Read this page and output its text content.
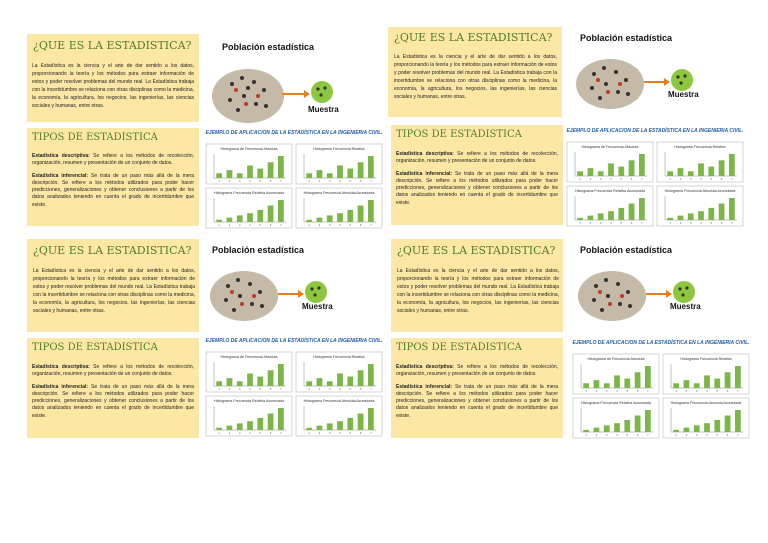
¿QUE ES LA ESTADISTICA?
La Estadística es la ciencia y el arte de dar sentido a los datos, proporcionando la teoría y los métodos para extraer información de estos y poder resolver problemas del mundo real. La Estadística trabaja con la incertidumbre se relaciona con otras disciplinas como la medicina, la economía, la agricultura, los negocios, las ingenierías, las ciencias sociales y humanas, entre otras.
Población estadística
Muestra
TIPOS DE ESTADISTICA
Estadística descriptiva: Se refiere a los métodos de recolección, organización, resumen y presentación de un conjunto de datos.
Estadística inferencial: Se trata de un paso más allá de la mera descripción. Se refiere a los métodos utilizados para poder hacer predicciones, generalizaciones y obtener conclusiones a partir de los datos analizados teniendo en cuenta el grado de incertidumbre que existe.
EJEMPLO DE APLICACION DE LA ESTADÍSTICA EN LA INGENIERIA CIVIL.
Histograma de Frecuencia Absoluta
1	2	3	4	5	6	7
Histograma Frecuencia Relativa
1	2	3	4	5	6	7
Histograma Frecuencia Relativa Acumulada
1	2	3	4	5	6	7
Histograma Frecuencia Absoluta Acumulada
1	2	3	4	5	6	7
¿QUE ES LA ESTADISTICA?
La Estadística es la ciencia y el arte de dar sentido a los datos, proporcionando la teoría y los métodos para extraer información de estos y poder resolver problemas del mundo real. La Estadística trabaja con la incertidumbre se relaciona con otras disciplinas como la medicina, la economía, la agricultura, los negocios, las ingenierías, las ciencias sociales y humanas, entre otras.
Población estadística
Muestra
TIPOS DE ESTADISTICA
Estadística descriptiva: Se refiere a los métodos de recolección, organización, resumen y presentación de un conjunto de datos.
Estadística inferencial: Se trata de un paso más allá de la mera descripción. Se refiere a los métodos utilizados para poder hacer predicciones, generalizaciones y obtener conclusiones a partir de los datos analizados teniendo en cuenta el grado de incertidumbre que existe.
EJEMPLO DE APLICACION DE LA ESTADÍSTICA EN LA INGENIERIA CIVIL.
Histograma de Frecuencia Absoluta
1	2	3	4	5	6	7
Histograma Frecuencia Relativa
1	2	3	4	5	6	7
Histograma Frecuencia Relativa Acumulada
1	2	3	4	5	6	7
Histograma Frecuencia Absoluta Acumulada
1	2	3	4	5	6	7
¿QUE ES LA ESTADISTICA?
La Estadística es la ciencia y el arte de dar sentido a los datos, proporcionando la teoría y los métodos para extraer información de estos y poder resolver problemas del mundo real. La Estadística trabaja con la incertidumbre se relaciona con otras disciplinas como la medicina, la economía, la agricultura, los negocios, las ingenierías, las ciencias sociales y humanas, entre otras.
Población estadística
Muestra
TIPOS DE ESTADISTICA
Estadística descriptiva: Se refiere a los métodos de recolección, organización, resumen y presentación de un conjunto de datos.
Estadística inferencial: Se trata de un paso más allá de la mera descripción. Se refiere a los métodos utilizados para poder hacer predicciones, generalizaciones y obtener conclusiones a partir de los datos analizados teniendo en cuenta el grado de incertidumbre que existe.
EJEMPLO DE APLICACION DE LA ESTADÍSTICA EN LA INGENIERIA CIVIL.
Histograma de Frecuencia Absoluta
1	2	3	4	5	6	7
Histograma Frecuencia Relativa
1	2	3	4	5	6	7
Histograma Frecuencia Relativa Acumulada
1	2	3	4	5	6	7
Histograma Frecuencia Absoluta Acumulada
1	2	3	4	5	6	7
¿QUE ES LA ESTADISTICA?
La Estadística es la ciencia y el arte de dar sentido a los datos, proporcionando la teoría y los métodos para extraer información de estos y poder resolver problemas del mundo real. La Estadística trabaja con la incertidumbre se relaciona con otras disciplinas como la medicina, la economía, la agricultura, los negocios, las ingenierías, las ciencias sociales y humanas, entre otras.
Población estadística
Muestra
TIPOS DE ESTADISTICA
Estadística descriptiva: Se refiere a los métodos de recolección, organización, resumen y presentación de un conjunto de datos.
Estadística inferencial: Se trata de un paso más allá de la mera descripción. Se refiere a los métodos utilizados para poder hacer predicciones, generalizaciones y obtener conclusiones a partir de los datos analizados teniendo en cuenta el grado de incertidumbre que existe.
EJEMPLO DE APLICACION DE LA ESTADÍSTICA EN LA INGENIERIA CIVIL.
Histograma de Frecuencia Absoluta
1	2	3	4	5	6	7
Histograma Frecuencia Relativa
1	2	3	4	5	6	7
Histograma Frecuencia Relativa Acumulada
1	2	3	4	5	6	7
Histograma Frecuencia Absoluta Acumulada
1	2	3	4	5	6	7
